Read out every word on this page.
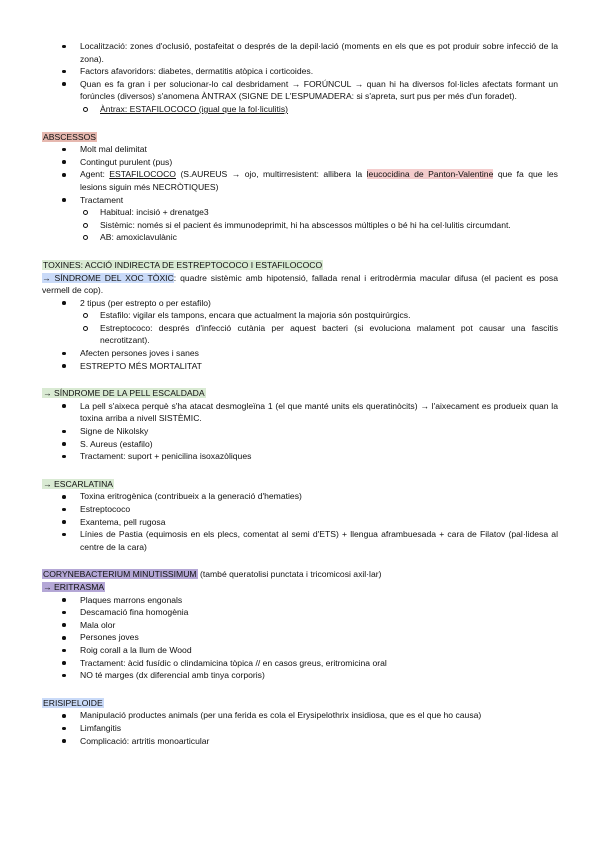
Localització: zones d'oclusió, postafeitat o després de la depil·lació (moments en els que es pot produir sobre infecció de la zona).
Factors afavoridors: diabetes, dermatitis atòpica i corticoides.
Quan es fa gran i per solucionar-lo cal desbridament → FORÚNCUL → quan hi ha diversos fol·licles afectats formant un forúncles (diversos) s'anomena ÀNTRAX (SIGNE DE L'ESPUMADERA: si s'apreta, surt pus per més d'un foradet).
Àntrax: ESTAFILOCOCO (igual que la fol·liculitis)
ABSCESSOS
Molt mal delimitat
Contingut purulent (pus)
Agent: ESTAFILOCOCO (S.AUREUS → ojo, multirresistent: allibera la leucocidina de Panton-Valentine que fa que les lesions siguin més NECRÒTIQUES)
Tractament
Habitual: incisió + drenatge3
Sistèmic: només si el pacient és immunodeprimit, hi ha abscessos múltiples o bé hi ha cel·lulitis circumdant.
AB: amoxiclavulànic
TOXINES: ACCIÓ INDIRECTA DE ESTREPTOCOCO I ESTAFILOCOCO
→ SÍNDROME DEL XOC TÒXIC: quadre sistèmic amb hipotensió, fallada renal i eritrodèrmia macular difusa (el pacient es posa vermell de cop).
2 tipus (per estrepto o per estafilo)
Estafilo: vigilar els tampons, encara que actualment la majoria són postquirúrgics.
Estreptococo: després d'infecció cutània per aquest bacteri (si evoluciona malament pot causar una fascitis necrotitzant).
Afecten persones joves i sanes
ESTREPTO MÉS MORTALITAT
→ SÍNDROME DE LA PELL ESCALDADA
La pell s'aixeca perquè s'ha atacat desmogleïna 1 (el que manté units els queratinòcits) → l'aixecament es produeix quan la toxina arriba a nivell SISTÈMIC.
Signe de Nikolsky
S. Aureus (estafilo)
Tractament: suport + penicilina isoxazòliques
→ ESCARLATINA
Toxina eritrogènica (contribueix a la generació d'hematies)
Estreptococo
Exantema, pell rugosa
Línies de Pastia (equimosis en els plecs, comentat al semi d'ETS) + llengua aframbuesada + cara de Filatov (pal·lidesa al centre de la cara)
CORYNEBACTERIUM MINUTISSIMUM (també queratolisi punctata i tricomicosi axil·lar)
→ ERITRASMA
Plaques marrons engonals
Descamació fina homogènia
Mala olor
Persones joves
Roig corall a la llum de Wood
Tractament: àcid fusídic o clindamicina tòpica // en casos greus, eritromicina oral
NO té marges (dx diferencial amb tinya corporis)
ERISIPELOIDE
Manipulació productes animals (per una ferida es cola el Erysipelothrix insidiosa, que es el que ho causa)
Limfangitis
Complicació: artritis monoarticular
